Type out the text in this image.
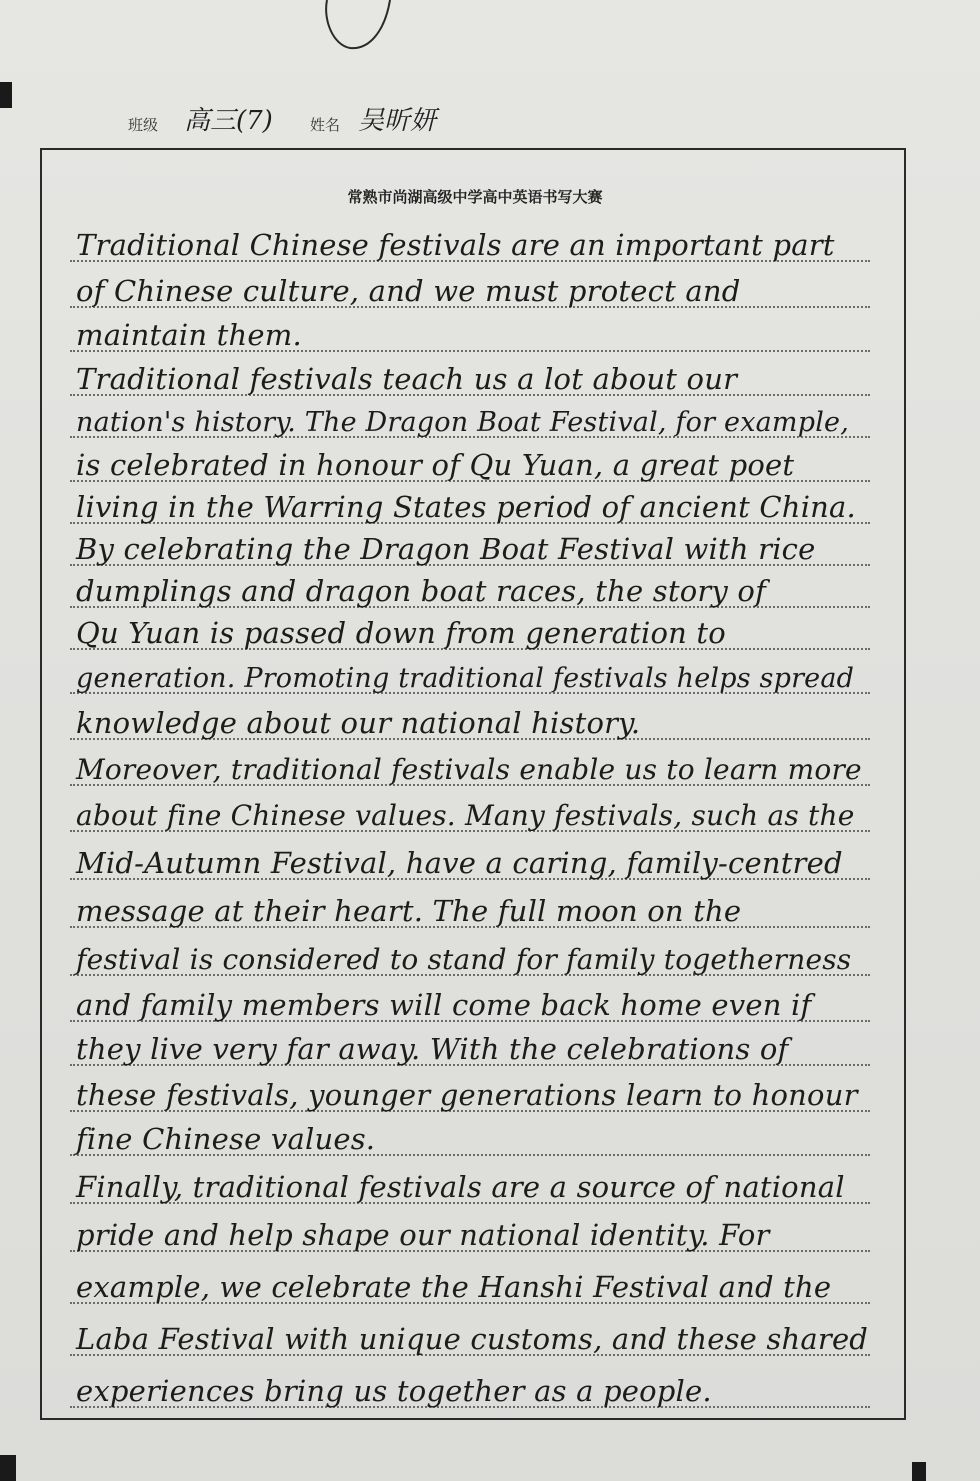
班级 高三(7) 姓名 吴昕妍
常熟市尚湖高级中学高中英语书写大赛
Traditional Chinese festivals are an important part
of Chinese culture, and we must protect and
maintain them.
Traditional festivals teach us a lot about our
nation's history. The Dragon Boat Festival, for example,
is celebrated in honour of Qu Yuan, a great poet
living in the Warring States period of ancient China.
By celebrating the Dragon Boat Festival with rice
dumplings and dragon boat races, the story of
Qu Yuan is passed down from generation to
generation. Promoting traditional festivals helps spread
knowledge about our national history.
Moreover, traditional festivals enable us to learn more
about fine Chinese values. Many festivals, such as the
Mid-Autumn Festival, have a caring, family-centred
message at their heart. The full moon on the
festival is considered to stand for family togetherness
and family members will come back home even if
they live very far away. With the celebrations of
these festivals, younger generations learn to honour
fine Chinese values.
Finally, traditional festivals are a source of national
pride and help shape our national identity. For
example, we celebrate the Hanshi Festival and the
Laba Festival with unique customs, and these shared
experiences bring us together as a people.
